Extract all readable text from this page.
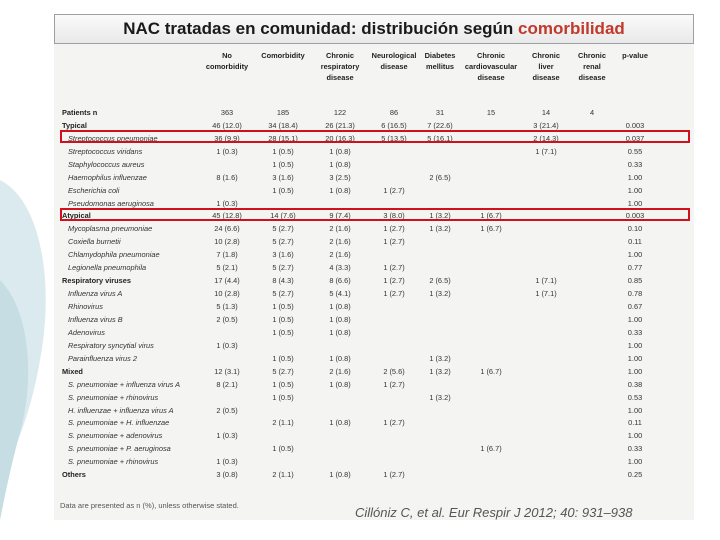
NAC tratadas en comunidad: distribución según comorbilidad
	No
comorbidity	Comorbidity	Chronic
respiratory
disease	Neurological
disease	Diabetes
mellitus	Chronic
cardiovascular
disease	Chronic
liver
disease	Chronic
renal
disease	p-value
Patients n	363	185	122	86	31	15	14	4	
Typical	46 (12.0)	34 (18.4)	26 (21.3)	6 (16.5)	7 (22.6)		3 (21.4)		0.003
Streptococcus pneumoniae	36 (9.9)	28 (15.1)	20 (16.3)	5 (13.5)	5 (16.1)		2 (14.3)		0.037
Streptococcus viridans	1 (0.3)	1 (0.5)	1 (0.8)				1 (7.1)		0.55
Staphylococcus aureus		1 (0.5)	1 (0.8)						0.33
Haemophilus influenzae	8 (1.6)	3 (1.6)	3 (2.5)		2 (6.5)				1.00
Escherichia coli		1 (0.5)	1 (0.8)	1 (2.7)					1.00
Pseudomonas aeruginosa	1 (0.3)								1.00
Atypical	45 (12.8)	14 (7.6)	9 (7.4)	3 (8.0)	1 (3.2)	1 (6.7)			0.003
Mycoplasma pneumoniae	24 (6.6)	5 (2.7)	2 (1.6)	1 (2.7)	1 (3.2)	1 (6.7)			0.10
Coxiella burnetii	10 (2.8)	5 (2.7)	2 (1.6)	1 (2.7)					0.11
Chlamydophila pneumoniae	7 (1.8)	3 (1.6)	2 (1.6)						1.00
Legionella pneumophila	5 (2.1)	5 (2.7)	4 (3.3)	1 (2.7)					0.77
Respiratory viruses	17 (4.4)	8 (4.3)	8 (6.6)	1 (2.7)	2 (6.5)		1 (7.1)		0.85
Influenza virus A	10 (2.8)	5 (2.7)	5 (4.1)	1 (2.7)	1 (3.2)		1 (7.1)		0.78
Rhinovirus	5 (1.3)	1 (0.5)	1 (0.8)						0.67
Influenza virus B	2 (0.5)	1 (0.5)	1 (0.8)						1.00
Adenovirus		1 (0.5)	1 (0.8)						0.33
Respiratory syncytial virus	1 (0.3)								1.00
Parainfluenza virus 2		1 (0.5)	1 (0.8)		1 (3.2)				1.00
Mixed	12 (3.1)	5 (2.7)	2 (1.6)	2 (5.6)	1 (3.2)	1 (6.7)			1.00
S. pneumoniae + influenza virus A	8 (2.1)	1 (0.5)	1 (0.8)	1 (2.7)					0.38
S. pneumoniae + rhinovirus		1 (0.5)			1 (3.2)				0.53
H. influenzae + influenza virus A	2 (0.5)								1.00
S. pneumoniae + H. influenzae		2 (1.1)	1 (0.8)	1 (2.7)					0.11
S. pneumoniae + adenovirus	1 (0.3)								1.00
S. pneumoniae + P. aeruginosa		1 (0.5)				1 (6.7)			0.33
S. pneumoniae + rhinovirus	1 (0.3)								1.00
Others	3 (0.8)	2 (1.1)	1 (0.8)	1 (2.7)					0.25
Data are presented as n (%), unless otherwise stated.	Cillóniz C, et al. Eur Respir J 2012; 40: 931–938
